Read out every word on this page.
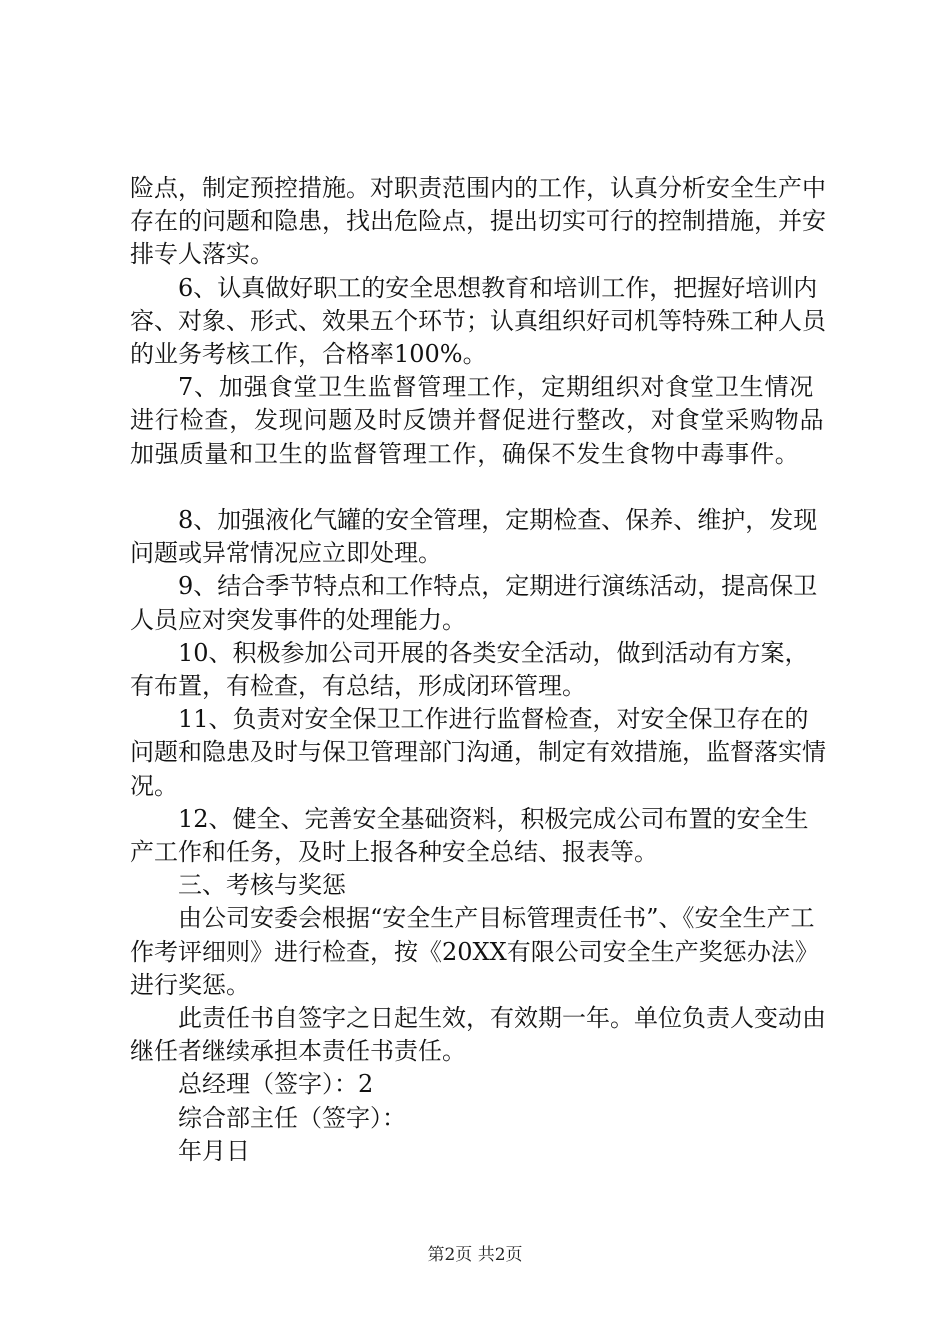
险点，制定预控措施。对职责范围内的工作，认真分析安全生产中存在的问题和隐患，找出危险点，提出切实可行的控制措施，并安排专人落实。

6、认真做好职工的安全思想教育和培训工作，把握好培训内容、对象、形式、效果五个环节；认真组织好司机等特殊工种人员的业务考核工作，合格率100%。

7、加强食堂卫生监督管理工作，定期组织对食堂卫生情况进行检查，发现问题及时反馈并督促进行整改，对食堂采购物品加强质量和卫生的监督管理工作，确保不发生食物中毒事件。

8、加强液化气罐的安全管理，定期检查、保养、维护，发现问题或异常情况应立即处理。

9、结合季节特点和工作特点，定期进行演练活动，提高保卫人员应对突发事件的处理能力。

10、积极参加公司开展的各类安全活动，做到活动有方案，有布置，有检查，有总结，形成闭环管理。

11、负责对安全保卫工作进行监督检查，对安全保卫存在的问题和隐患及时与保卫管理部门沟通，制定有效措施，监督落实情况。

12、健全、完善安全基础资料，积极完成公司布置的安全生产工作和任务，及时上报各种安全总结、报表等。

三、考核与奖惩

由公司安委会根据“安全生产目标管理责任书”、《安全生产工作考评细则》进行检查，按《20XX有限公司安全生产奖惩办法》进行奖惩。

此责任书自签字之日起生效，有效期一年。单位负责人变动由继任者继续承担本责任书责任。

总经理（签字）：2

综合部主任（签字）：

年月日

第2页 共2页
